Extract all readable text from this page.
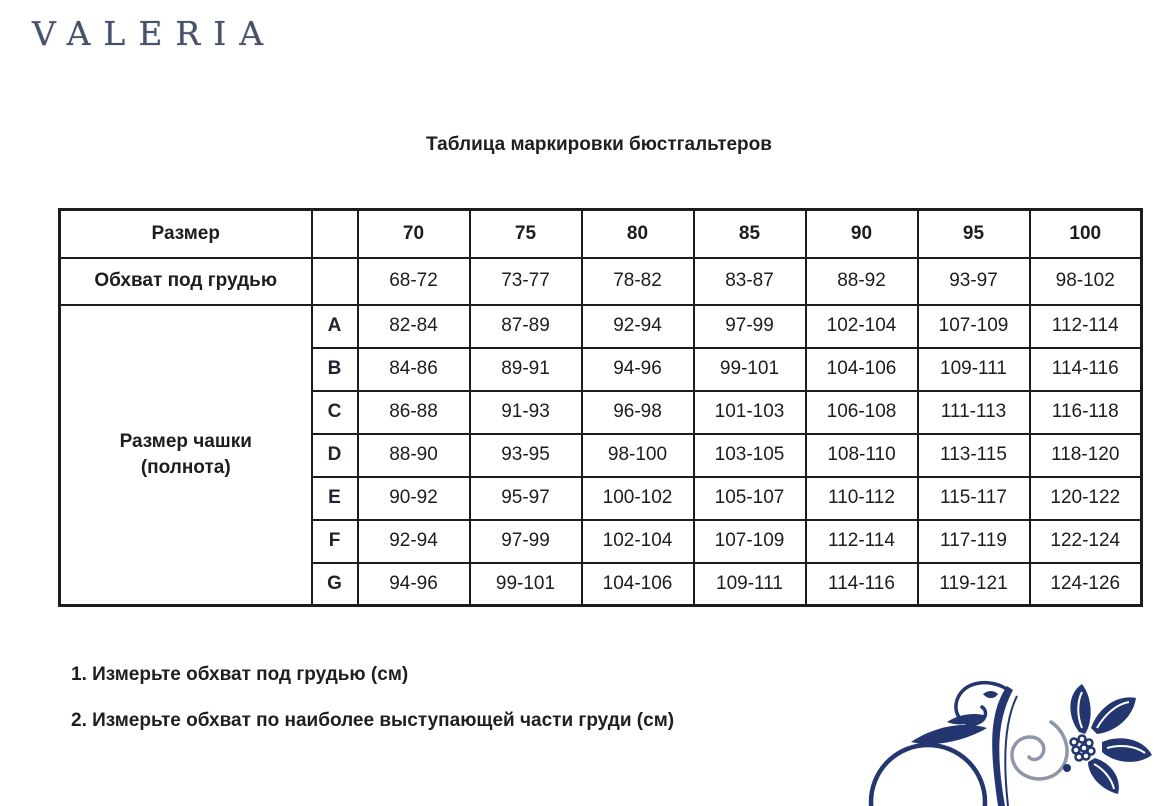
VALERIA
Таблица маркировки бюстгальтеров
Размер		70	75	80	85	90	95	100
Обхват под грудью		68-72	73-77	78-82	83-87	88-92	93-97	98-102

Размер чашки
(полнота)	A	82-84	87-89	92-94	97-99	102-104	107-109	112-114
	B	84-86	89-91	94-96	99-101	104-106	109-111	114-116
	C	86-88	91-93	96-98	101-103	106-108	111-113	116-118
	D	88-90	93-95	98-100	103-105	108-110	113-115	118-120
	E	90-92	95-97	100-102	105-107	110-112	115-117	120-122
	F	92-94	97-99	102-104	107-109	112-114	117-119	122-124
	G	94-96	99-101	104-106	109-111	114-116	119-121	124-126
1. Измерьте обхват под грудью (см)
2. Измерьте обхват по наиболее выступающей части груди (см)
